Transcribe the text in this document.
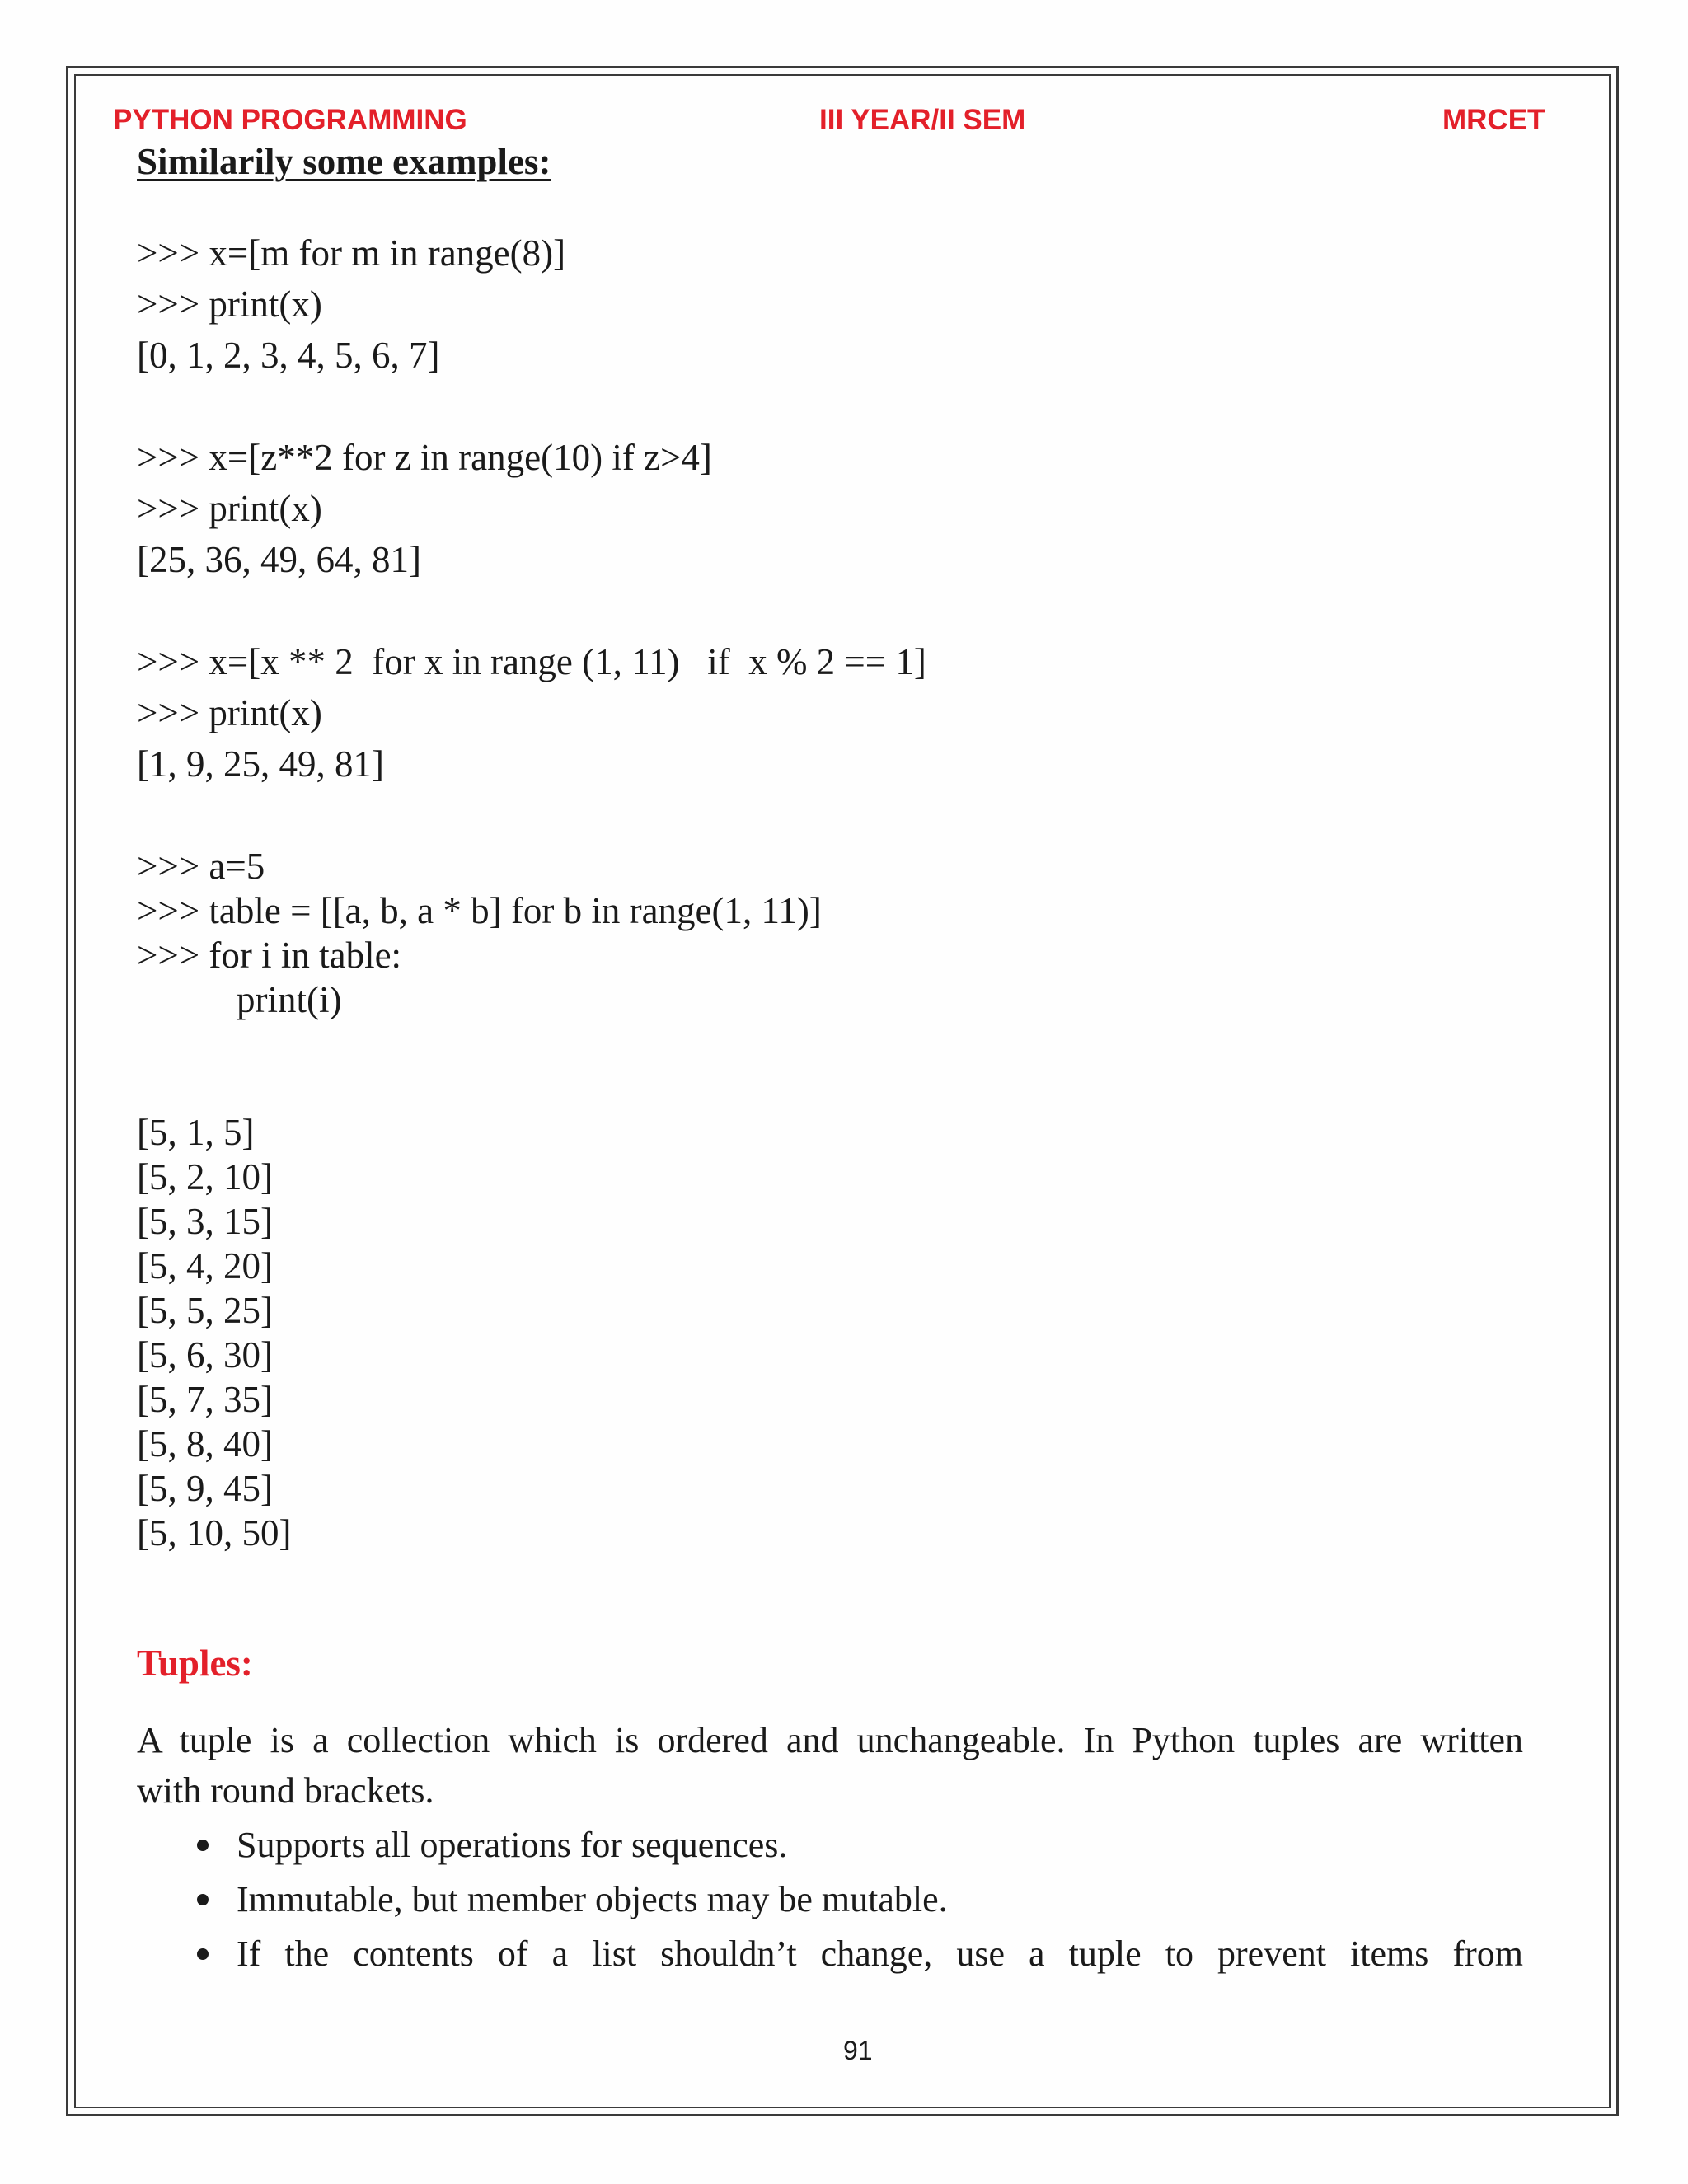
PYTHON PROGRAMMING	III YEAR/II SEM	MRCET
Similarily some examples:
>>> x=[m for m in range(8)]
>>> print(x)
[0, 1, 2, 3, 4, 5, 6, 7]
>>> x=[z**2 for z in range(10) if z>4]
>>> print(x)
[25, 36, 49, 64, 81]
>>> x=[x ** 2  for x in range (1, 11)   if  x % 2 == 1]
>>> print(x)
[1, 9, 25, 49, 81]
>>> a=5
>>> table = [[a, b, a * b] for b in range(1, 11)]
>>> for i in table:
print(i)
[5, 1, 5]
[5, 2, 10]
[5, 3, 15]
[5, 4, 20]
[5, 5, 25]
[5, 6, 30]
[5, 7, 35]
[5, 8, 40]
[5, 9, 45]
[5, 10, 50]
Tuples:
A tuple is a collection which is ordered and unchangeable. In Python tuples are written
with round brackets.
Supports all operations for sequences.
Immutable, but member objects may be mutable.
If the contents of a list shouldn’t change, use a tuple to prevent items from
91
